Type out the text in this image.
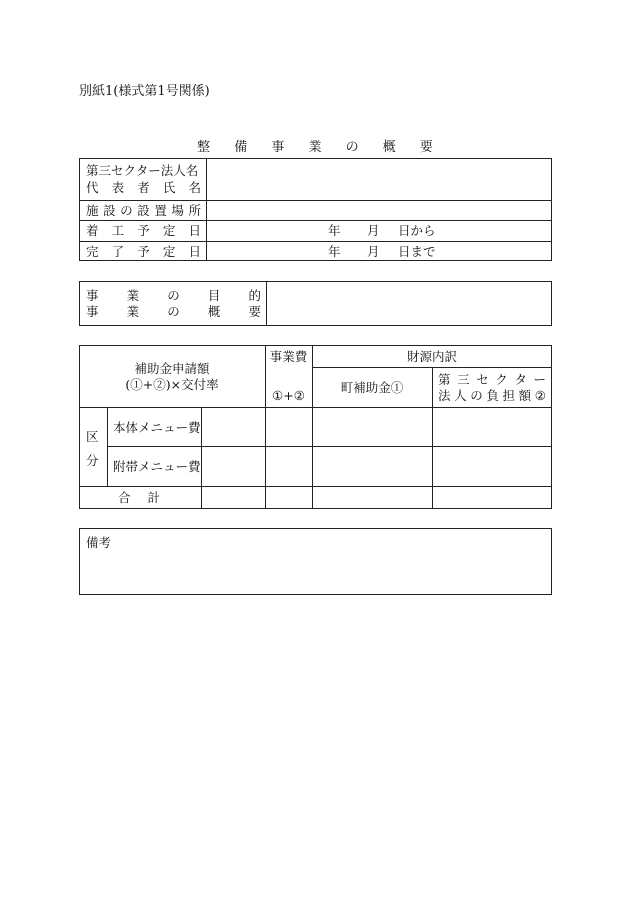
別紙1(様式第1号関係)
整 備 事 業 の 概 要
第三セクター法人名
代 表 者 氏 名
施 設 の 設 置 場 所
着 工 予 定 日
完 了 予 定 日
年 月 日から
年 月 日まで
事 業 の 目 的
事 業 の 概 要
補助金申請額
(①+②)×交付率
事業費
①+②
財源内訳
町補助金①
第 三 セ ク タ ー
法 人 の 負 担 額 ②
区
分
本体メニュー費
附帯メニュー費
合 計
備考
